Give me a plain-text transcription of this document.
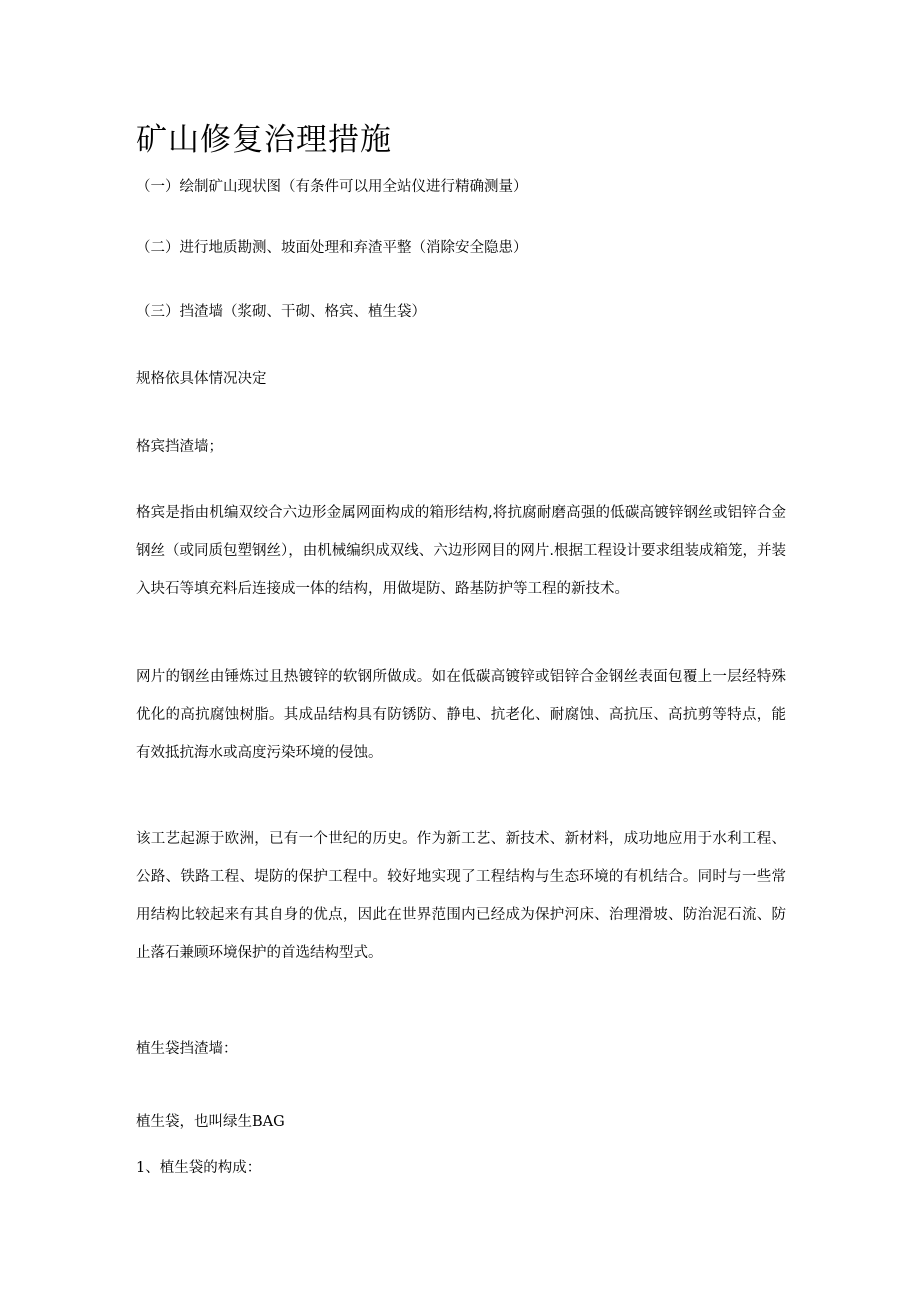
矿山修复治理措施
（一）绘制矿山现状图（有条件可以用全站仪进行精确测量）
（二）进行地质勘测、坡面处理和弃渣平整（消除安全隐患）
（三）挡渣墙（浆砌、干砌、格宾、植生袋）
规格依具体情况决定
格宾挡渣墙；
格宾是指由机编双绞合六边形金属网面构成的箱形结构,将抗腐耐磨高强的低碳高镀锌钢丝或铝锌合金钢丝（或同质包塑钢丝），由机械编织成双线、六边形网目的网片.根据工程设计要求组装成箱笼，并装入块石等填充料后连接成一体的结构，用做堤防、路基防护等工程的新技术。
网片的钢丝由锤炼过且热镀锌的软钢所做成。如在低碳高镀锌或铝锌合金钢丝表面包覆上一层经特殊优化的高抗腐蚀树脂。其成品结构具有防锈防、静电、抗老化、耐腐蚀、高抗压、高抗剪等特点，能有效抵抗海水或高度污染环境的侵蚀。
该工艺起源于欧洲，已有一个世纪的历史。作为新工艺、新技术、新材料，成功地应用于水利工程、公路、铁路工程、堤防的保护工程中。较好地实现了工程结构与生态环境的有机结合。同时与一些常用结构比较起来有其自身的优点，因此在世界范围内已经成为保护河床、治理滑坡、防治泥石流、防止落石兼顾环境保护的首选结构型式。
植生袋挡渣墙：
植生袋，也叫绿生BAG
1、植生袋的构成：
